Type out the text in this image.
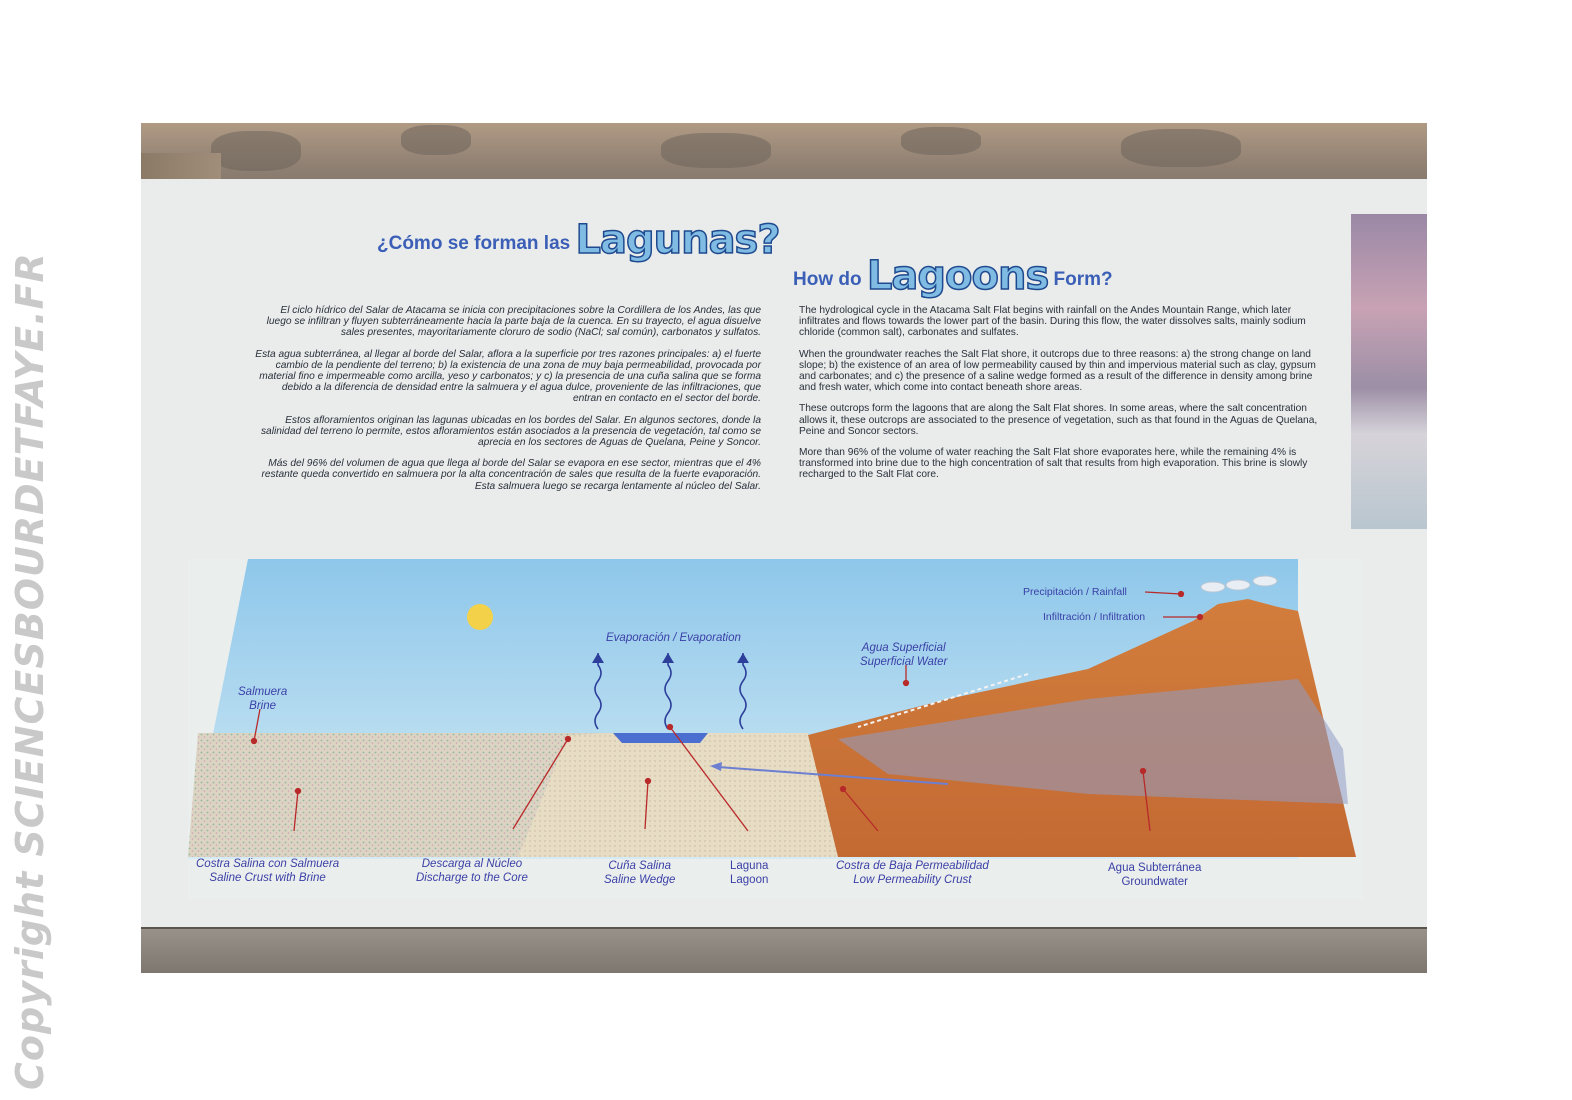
Copyright SCIENCESBOURDETFAYE.FR
¿Cómo se forman las Lagunas?
How do Lagoons Form?

El ciclo hídrico del Salar de Atacama se inicia con precipitaciones sobre la Cordillera de los Andes, las que luego se infiltran y fluyen subterráneamente hacia la parte baja de la cuenca. En su trayecto, el agua disuelve sales presentes, mayoritariamente cloruro de sodio (NaCl; sal común), carbonatos y sulfatos.

Esta agua subterránea, al llegar al borde del Salar, aflora a la superficie por tres razones principales: a) el fuerte cambio de la pendiente del terreno; b) la existencia de una zona de muy baja permeabilidad, provocada por material fino e impermeable como arcilla, yeso y carbonatos; y c) la presencia de una cuña salina que se forma debido a la diferencia de densidad entre la salmuera y el agua dulce, proveniente de las infiltraciones, que entran en contacto en el sector del borde.

Estos afloramientos originan las lagunas ubicadas en los bordes del Salar. En algunos sectores, donde la salinidad del terreno lo permite, estos afloramientos están asociados a la presencia de vegetación, tal como se aprecia en los sectores de Aguas de Quelana, Peine y Soncor.

Más del 96% del volumen de agua que llega al borde del Salar se evapora en ese sector, mientras que el 4% restante queda convertido en salmuera por la alta concentración de sales que resulta de la fuerte evaporación. Esta salmuera luego se recarga lentamente al núcleo del Salar.

The hydrological cycle in the Atacama Salt Flat begins with rainfall on the Andes Mountain Range, which later infiltrates and flows towards the lower part of the basin. During this flow, the water dissolves salts, mainly sodium chloride (common salt), carbonates and sulfates.

When the groundwater reaches the Salt Flat shore, it outcrops due to three reasons: a) the strong change on land slope; b) the existence of an area of low permeability caused by thin and impervious material such as clay, gypsum and carbonates; and c) the presence of a saline wedge formed as a result of the difference in density among brine and fresh water, which come into contact beneath shore areas.

These outcrops form the lagoons that are along the Salt Flat shores. In some areas, where the salt concentration allows it, these outcrops are associated to the presence of vegetation, such as that found in the Aguas de Quelana, Peine and Soncor sectors.

More than 96% of the volume of water reaching the Salt Flat shore evaporates here, while the remaining 4% is transformed into brine due to the high concentration of salt that results from high evaporation. This brine is slowly recharged to the Salt Flat core.

Evaporación / Evaporation
Salmuera
Brine
Agua Superficial
Superficial Water
Precipitación / Rainfall
Infiltración / Infiltration
Costra Salina con Salmuera
Saline Crust with Brine
Descarga al Núcleo
Discharge to the Core
Cuña Salina
Saline Wedge
Laguna
Lagoon
Costra de Baja Permeabilidad
Low Permeability Crust
Agua Subterránea
Groundwater
